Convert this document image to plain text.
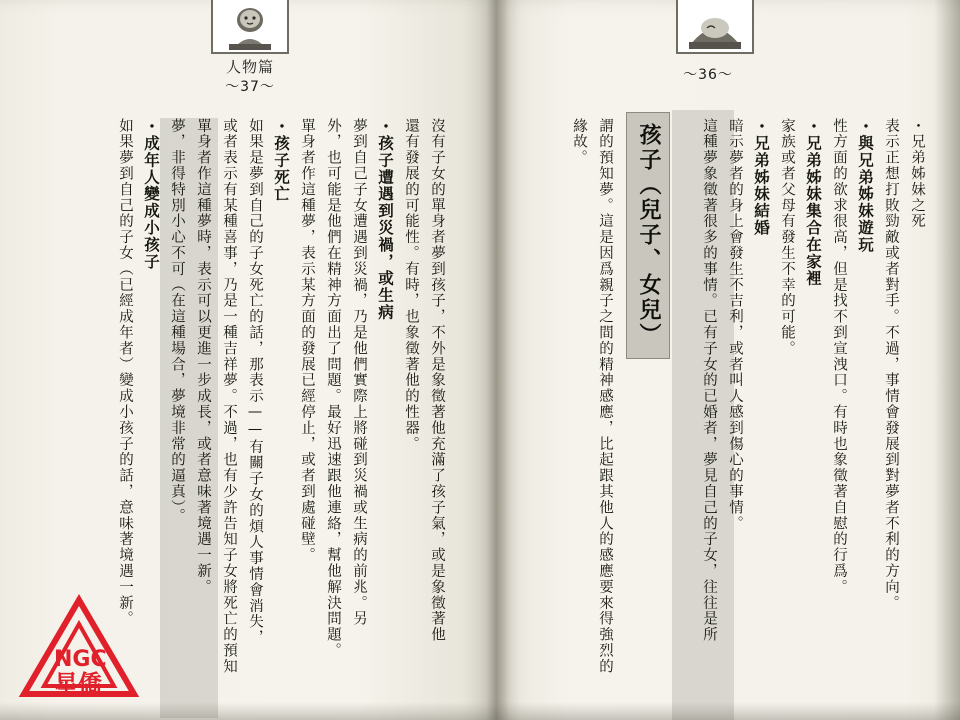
人物篇
～37～

沒有子女的單身者夢到孩子，不外是象徵著他充滿了孩子氣，或是象徵著他
還有發展的可能性。有時，也象徵著他的性器。
・孩子遭遇到災禍，或生病
夢到自己子女遭遇到災禍，乃是他們實際上將碰到災禍或生病的前兆。另
外，也可能是他們在精神方面出了問題。最好迅速跟他連絡，幫他解決問題。
單身者作這種夢，表示某方面的發展已經停止，或者到處碰壁。
・孩子死亡
如果是夢到自己的子女死亡的話，那表示——有關子女的煩人事情會消失，
或者表示有某種喜事，乃是一種吉祥夢。不過，也有少許告知子女將死亡的預知
單身者作這種夢時，表示可以更進一步成長，或者意味著境遇一新。
夢，非得特別小心不可（在這種場合，夢境非常的逼真）。
・成年人變成小孩子
如果夢到自己的子女（已經成年者）變成小孩子的話，意味著境遇一新。
～36～
孩子（兒子、女兒）

謂的預知夢。這是因爲親子之間的精神感應，比起跟其他人的感應要來得強烈的
緣故。	・兄弟姊妹之死
表示正想打敗勁敵或者對手。不過，事情會發展到對夢者不利的方向。
・與兄弟姊妹遊玩
性方面的欲求很高，但是找不到宣洩口。有時也象徵著自慰的行爲。
・兄弟姊妹集合在家裡
家族或者父母有發生不幸的可能。
・兄弟姊妹結婚
暗示夢者的身上會發生不吉利，或者叫人感到傷心的事情。
這種夢象徵著很多的事情。已有子女的已婚者，夢見自己的子女，往往是所
NGC
星僑
